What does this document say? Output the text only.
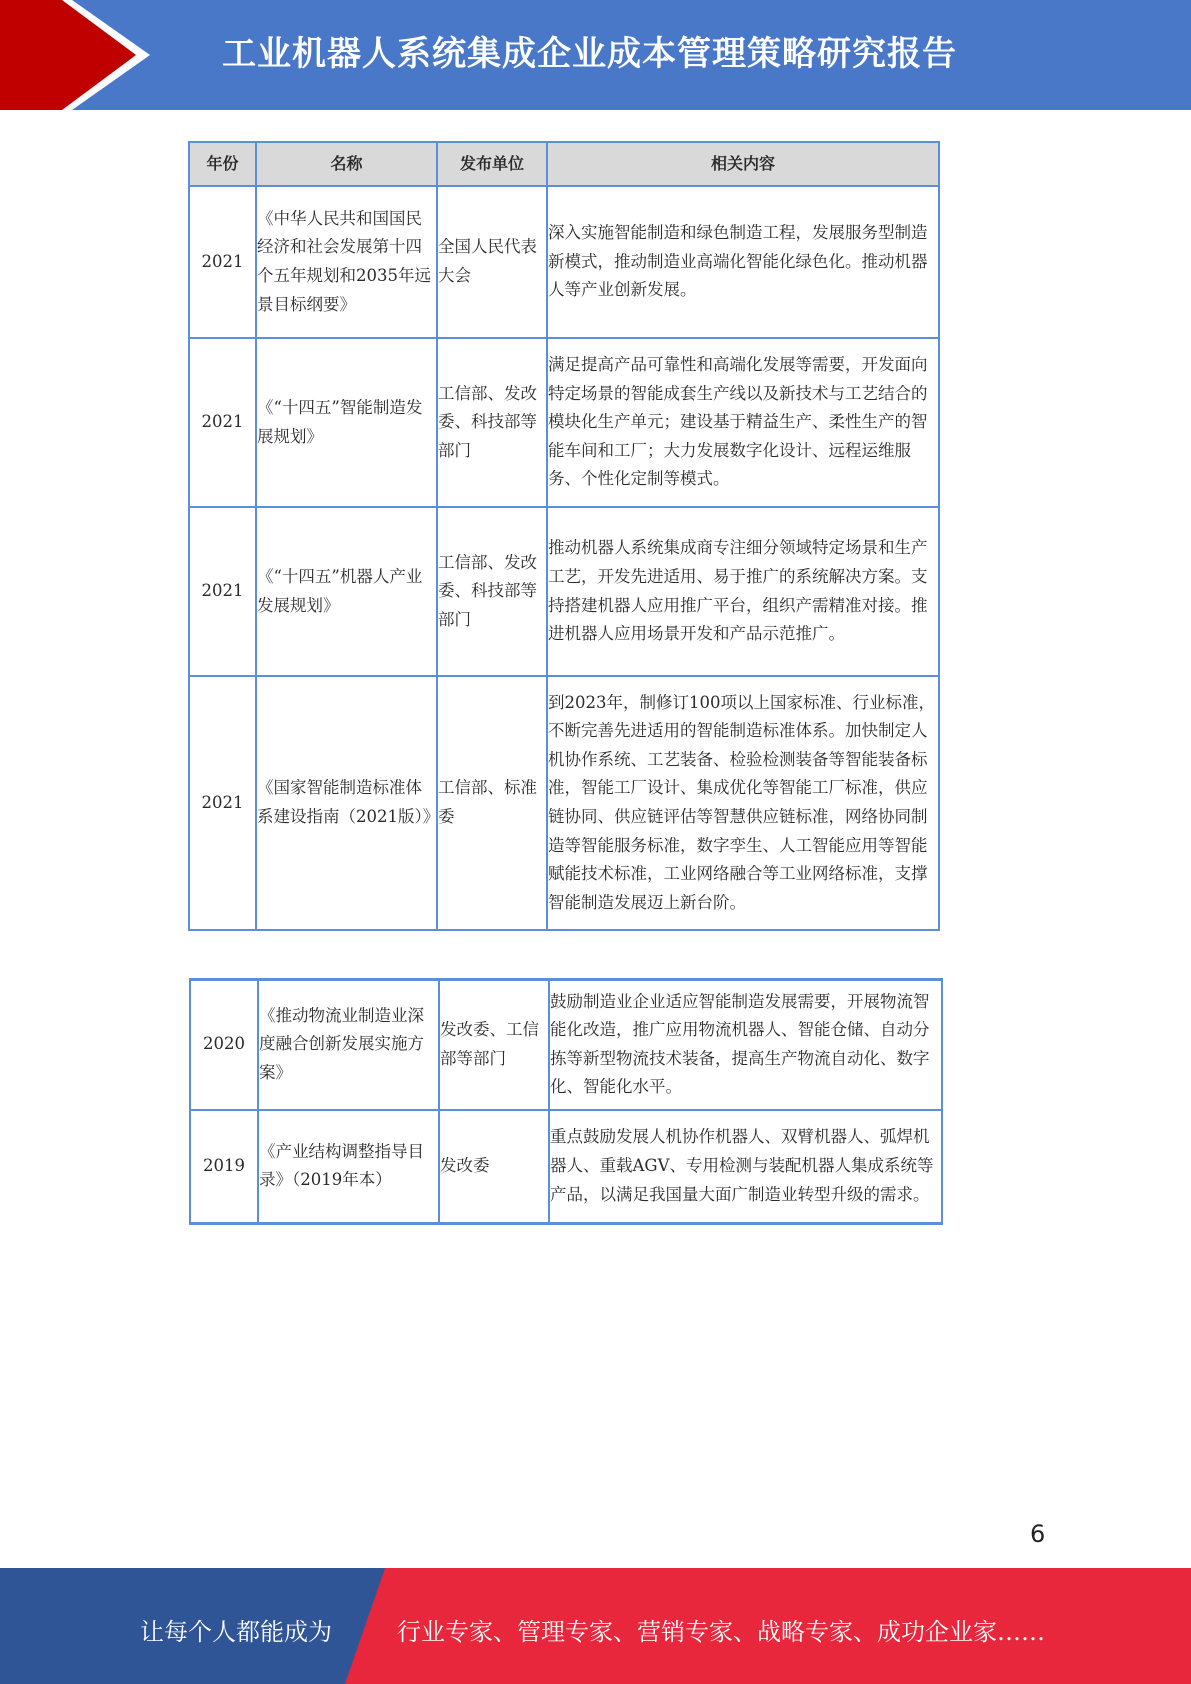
工业机器人系统集成企业成本管理策略研究报告
年份	名称	发布单位	相关内容
2021	《中华人民共和国国民经济和社会发展第十四个五年规划和2035年远景目标纲要》	全国人民代表大会	深入实施智能制造和绿色制造工程，发展服务型制造新模式，推动制造业高端化智能化绿色化。推动机器人等产业创新发展。
2021	《“十四五”智能制造发展规划》	工信部、发改委、科技部等部门	满足提高产品可靠性和高端化发展等需要，开发面向特定场景的智能成套生产线以及新技术与工艺结合的模块化生产单元；建设基于精益生产、柔性生产的智能车间和工厂；大力发展数字化设计、远程运维服务、个性化定制等模式。
2021	《“十四五”机器人产业发展规划》	工信部、发改委、科技部等部门	推动机器人系统集成商专注细分领域特定场景和生产工艺，开发先进适用、易于推广的系统解决方案。支持搭建机器人应用推广平台，组织产需精准对接。推进机器人应用场景开发和产品示范推广。
2021	《国家智能制造标准体系建设指南（2021版）》	工信部、标准委	到2023年，制修订100项以上国家标准、行业标准，不断完善先进适用的智能制造标准体系。加快制定人机协作系统、工艺装备、检验检测装备等智能装备标准，智能工厂设计、集成优化等智能工厂标准，供应链协同、供应链评估等智慧供应链标准，网络协同制造等智能服务标准，数字孪生、人工智能应用等智能赋能技术标准，工业网络融合等工业网络标准，支撑智能制造发展迈上新台阶。
2020	《推动物流业制造业深度融合创新发展实施方案》	发改委、工信部等部门	鼓励制造业企业适应智能制造发展需要，开展物流智能化改造，推广应用物流机器人、智能仓储、自动分拣等新型物流技术装备，提高生产物流自动化、数字化、智能化水平。
2019	《产业结构调整指导目录》（2019年本）	发改委	重点鼓励发展人机协作机器人、双臂机器人、弧焊机器人、重载AGV、专用检测与装配机器人集成系统等产品，以满足我国量大面广制造业转型升级的需求。
6
让每个人都能成为	行业专家、管理专家、营销专家、战略专家、成功企业家……
